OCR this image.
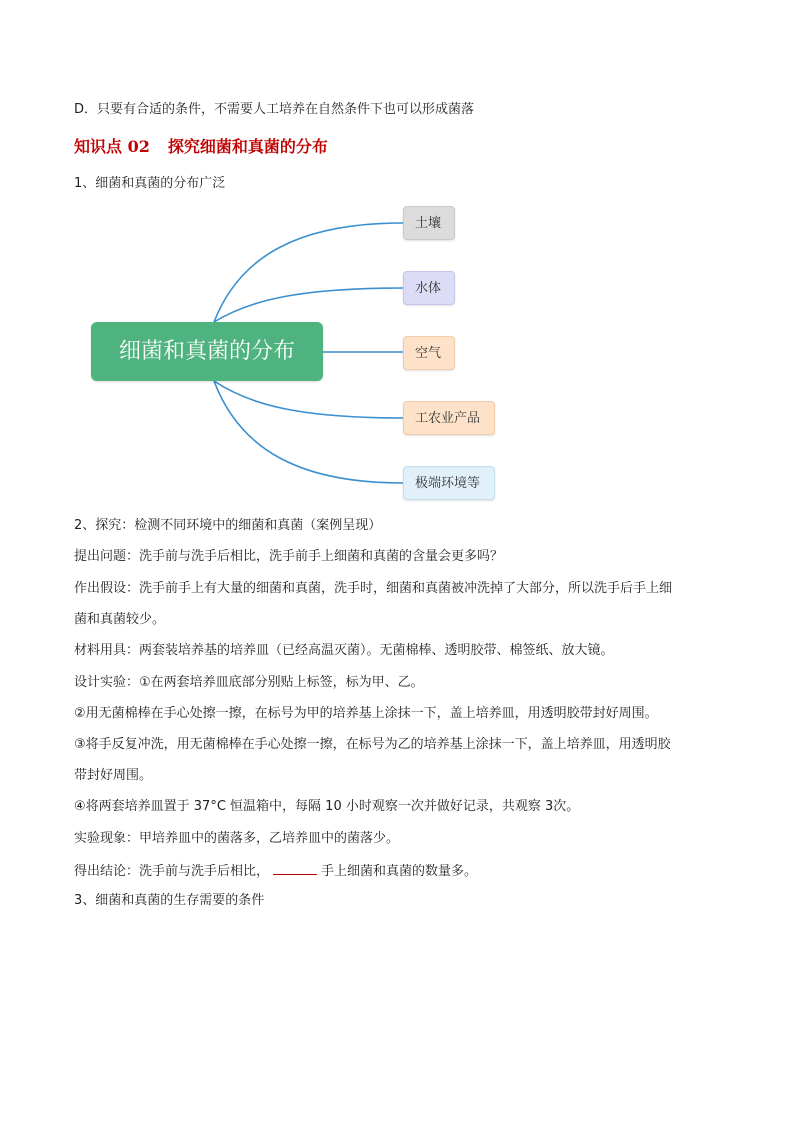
D．只要有合适的条件，不需要人工培养在自然条件下也可以形成菌落
知识点 02 探究细菌和真菌的分布
1、细菌和真菌的分布广泛
细菌和真菌的分布
土壤
水体
空气
工农业产品
极端环境等
2、探究：检测不同环境中的细菌和真菌（案例呈现）
提出问题：洗手前与洗手后相比，洗手前手上细菌和真菌的含量会更多吗？
作出假设：洗手前手上有大量的细菌和真菌，洗手时，细菌和真菌被冲洗掉了大部分，所以洗手后手上细
菌和真菌较少。
材料用具：两套装培养基的培养皿（已经高温灭菌）。无菌棉棒、透明胶带、棉签纸、放大镜。
设计实验：①在两套培养皿底部分别贴上标签，标为甲、乙。
②用无菌棉棒在手心处擦一擦，在标号为甲的培养基上涂抹一下，盖上培养皿，用透明胶带封好周围。
③将手反复冲洗，用无菌棉棒在手心处擦一擦，在标号为乙的培养基上涂抹一下，盖上培养皿，用透明胶
带封好周围。
④将两套培养皿置于 37°C 恒温箱中，每隔 10 小时观察一次并做好记录，共观察 3次。
实验现象：甲培养皿中的菌落多，乙培养皿中的菌落少。
得出结论：洗手前与洗手后相比，	手上细菌和真菌的数量多。
3、细菌和真菌的生存需要的条件
